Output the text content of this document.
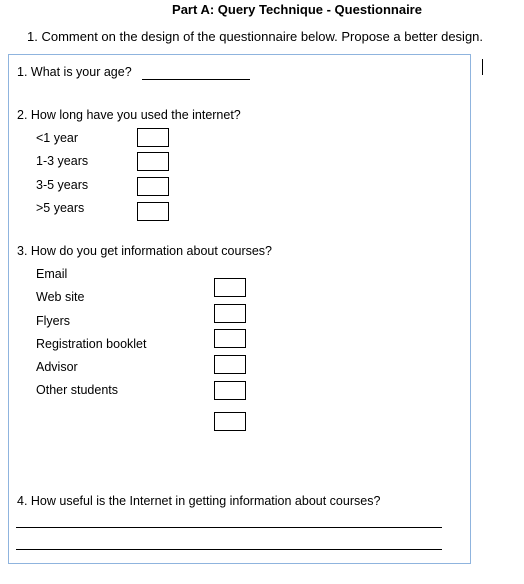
Part A: Query Technique - Questionnaire
1. Comment on the design of the questionnaire below. Propose a better design.
1. What is your age?
2. How long have you used the internet?
<1 year
1-3 years
3-5 years
>5 years
3. How do you get information about courses?
Email
Web site
Flyers
Registration booklet
Advisor
Other students
4. How useful is the Internet in getting information about courses?
